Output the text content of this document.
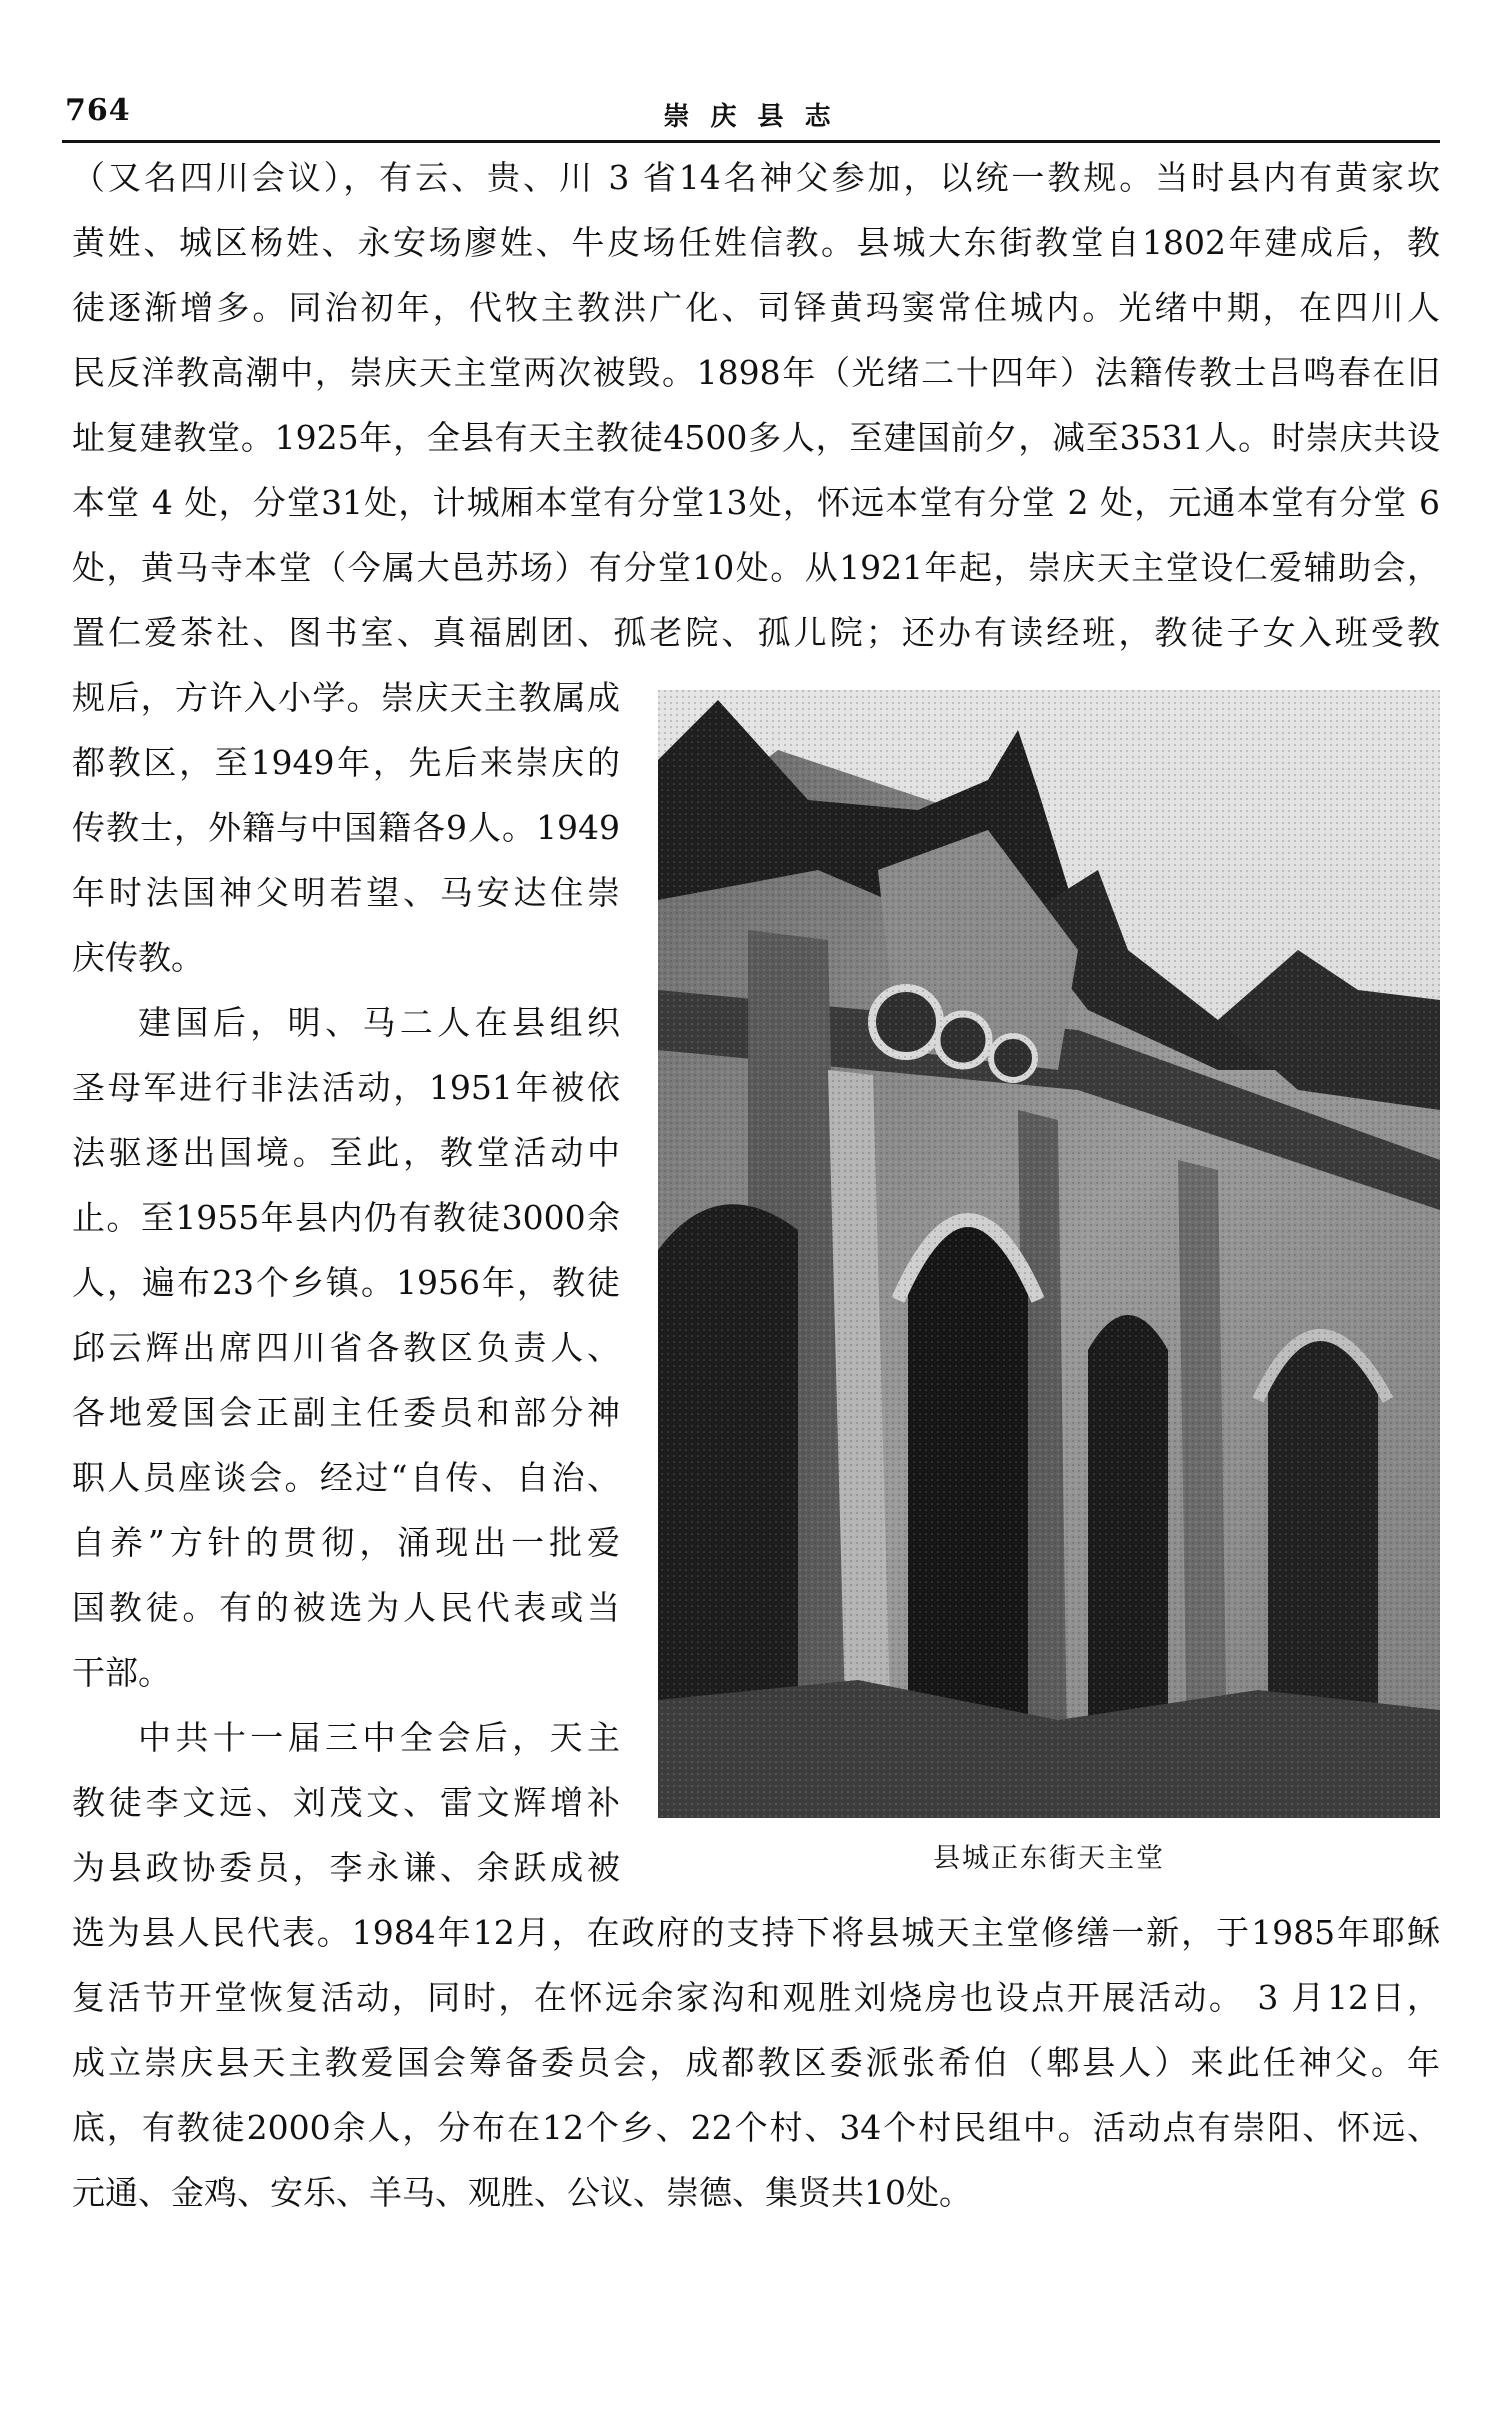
764	崇 庆 县 志
（又名四川会议），有云、贵、川 3 省14名神父参加，以统一教规。当时县内有黄家坎
黄姓、城区杨姓、永安场廖姓、牛皮场任姓信教。县城大东街教堂自1802年建成后，教
徒逐渐增多。同治初年，代牧主教洪广化、司铎黄玛窦常住城内。光绪中期，在四川人
民反洋教高潮中，崇庆天主堂两次被毁。1898年（光绪二十四年）法籍传教士吕鸣春在旧
址复建教堂。1925年，全县有天主教徒4500多人，至建国前夕，减至3531人。时崇庆共设
本堂 4 处，分堂31处，计城厢本堂有分堂13处，怀远本堂有分堂 2 处，元通本堂有分堂 6
处，黄马寺本堂（今属大邑苏场）有分堂10处。从1921年起，崇庆天主堂设仁爱辅助会，
置仁爱茶社、图书室、真福剧团、孤老院、孤儿院；还办有读经班，教徒子女入班受教
规后，方许入小学。崇庆天主教属成
都教区，至1949年，先后来崇庆的
传教士，外籍与中国籍各9人。1949
年时法国神父明若望、马安达住崇
庆传教。
建国后，明、马二人在县组织
圣母军进行非法活动，1951年被依
法驱逐出国境。至此，教堂活动中
止。至1955年县内仍有教徒3000余
人，遍布23个乡镇。1956年，教徒
邱云辉出席四川省各教区负责人、
各地爱国会正副主任委员和部分神
职人员座谈会。经过“自传、自治、
自养”方针的贯彻，涌现出一批爱
国教徒。有的被选为人民代表或当
干部。
中共十一届三中全会后，天主
教徒李文远、刘茂文、雷文辉增补
为县政协委员，李永谦、余跃成被	县城正东街天主堂
选为县人民代表。1984年12月，在政府的支持下将县城天主堂修缮一新，于1985年耶稣
复活节开堂恢复活动，同时，在怀远余家沟和观胜刘烧房也设点开展活动。 3 月12日，
成立崇庆县天主教爱国会筹备委员会，成都教区委派张希伯（郫县人）来此任神父。年
底，有教徒2000余人，分布在12个乡、22个村、34个村民组中。活动点有崇阳、怀远、
元通、金鸡、安乐、羊马、观胜、公议、崇德、集贤共10处。
